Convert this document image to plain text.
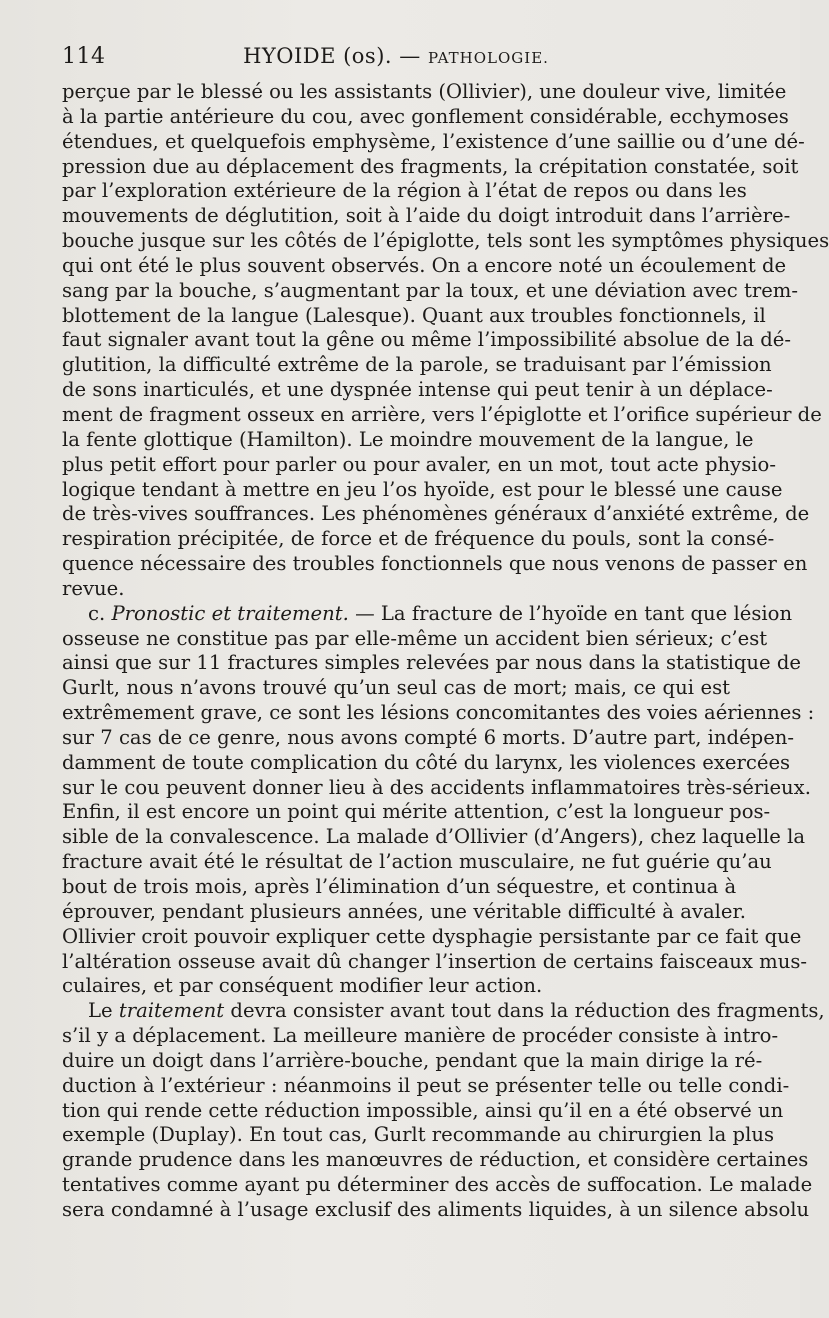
114	HYOIDE (os). — PATHOLOGIE.
perçue par le blessé ou les assistants (Ollivier), une douleur vive, limitée
à la partie antérieure du cou, avec gonflement considérable, ecchymoses
étendues, et quelquefois emphysème, l’existence d’une saillie ou d’une dé-
pression due au déplacement des fragments, la crépitation constatée, soit
par l’exploration extérieure de la région à l’état de repos ou dans les
mouvements de déglutition, soit à l’aide du doigt introduit dans l’arrière-
bouche jusque sur les côtés de l’épiglotte, tels sont les symptômes physiques
qui ont été le plus souvent observés. On a encore noté un écoulement de
sang par la bouche, s’augmentant par la toux, et une déviation avec trem-
blottement de la langue (Lalesque). Quant aux troubles fonctionnels, il
faut signaler avant tout la gêne ou même l’impossibilité absolue de la dé-
glutition, la difficulté extrême de la parole, se traduisant par l’émission
de sons inarticulés, et une dyspnée intense qui peut tenir à un déplace-
ment de fragment osseux en arrière, vers l’épiglotte et l’orifice supérieur de
la fente glottique (Hamilton). Le moindre mouvement de la langue, le
plus petit effort pour parler ou pour avaler, en un mot, tout acte physio-
logique tendant à mettre en jeu l’os hyoïde, est pour le blessé une cause
de très-vives souffrances. Les phénomènes généraux d’anxiété extrême, de
respiration précipitée, de force et de fréquence du pouls, sont la consé-
quence nécessaire des troubles fonctionnels que nous venons de passer en
revue.
c. Pronostic et traitement. — La fracture de l’hyoïde en tant que lésion
osseuse ne constitue pas par elle-même un accident bien sérieux; c’est
ainsi que sur 11 fractures simples relevées par nous dans la statistique de
Gurlt, nous n’avons trouvé qu’un seul cas de mort; mais, ce qui est
extrêmement grave, ce sont les lésions concomitantes des voies aériennes :
sur 7 cas de ce genre, nous avons compté 6 morts. D’autre part, indépen-
damment de toute complication du côté du larynx, les violences exercées
sur le cou peuvent donner lieu à des accidents inflammatoires très-sérieux.
Enfin, il est encore un point qui mérite attention, c’est la longueur pos-
sible de la convalescence. La malade d’Ollivier (d’Angers), chez laquelle la
fracture avait été le résultat de l’action musculaire, ne fut guérie qu’au
bout de trois mois, après l’élimination d’un séquestre, et continua à
éprouver, pendant plusieurs années, une véritable difficulté à avaler.
Ollivier croit pouvoir expliquer cette dysphagie persistante par ce fait que
l’altération osseuse avait dû changer l’insertion de certains faisceaux mus-
culaires, et par conséquent modifier leur action.
Le traitement devra consister avant tout dans la réduction des fragments,
s’il y a déplacement. La meilleure manière de procéder consiste à intro-
duire un doigt dans l’arrière-bouche, pendant que la main dirige la ré-
duction à l’extérieur : néanmoins il peut se présenter telle ou telle condi-
tion qui rende cette réduction impossible, ainsi qu’il en a été observé un
exemple (Duplay). En tout cas, Gurlt recommande au chirurgien la plus
grande prudence dans les manœuvres de réduction, et considère certaines
tentatives comme ayant pu déterminer des accès de suffocation. Le malade
sera condamné à l’usage exclusif des aliments liquides, à un silence absolu
